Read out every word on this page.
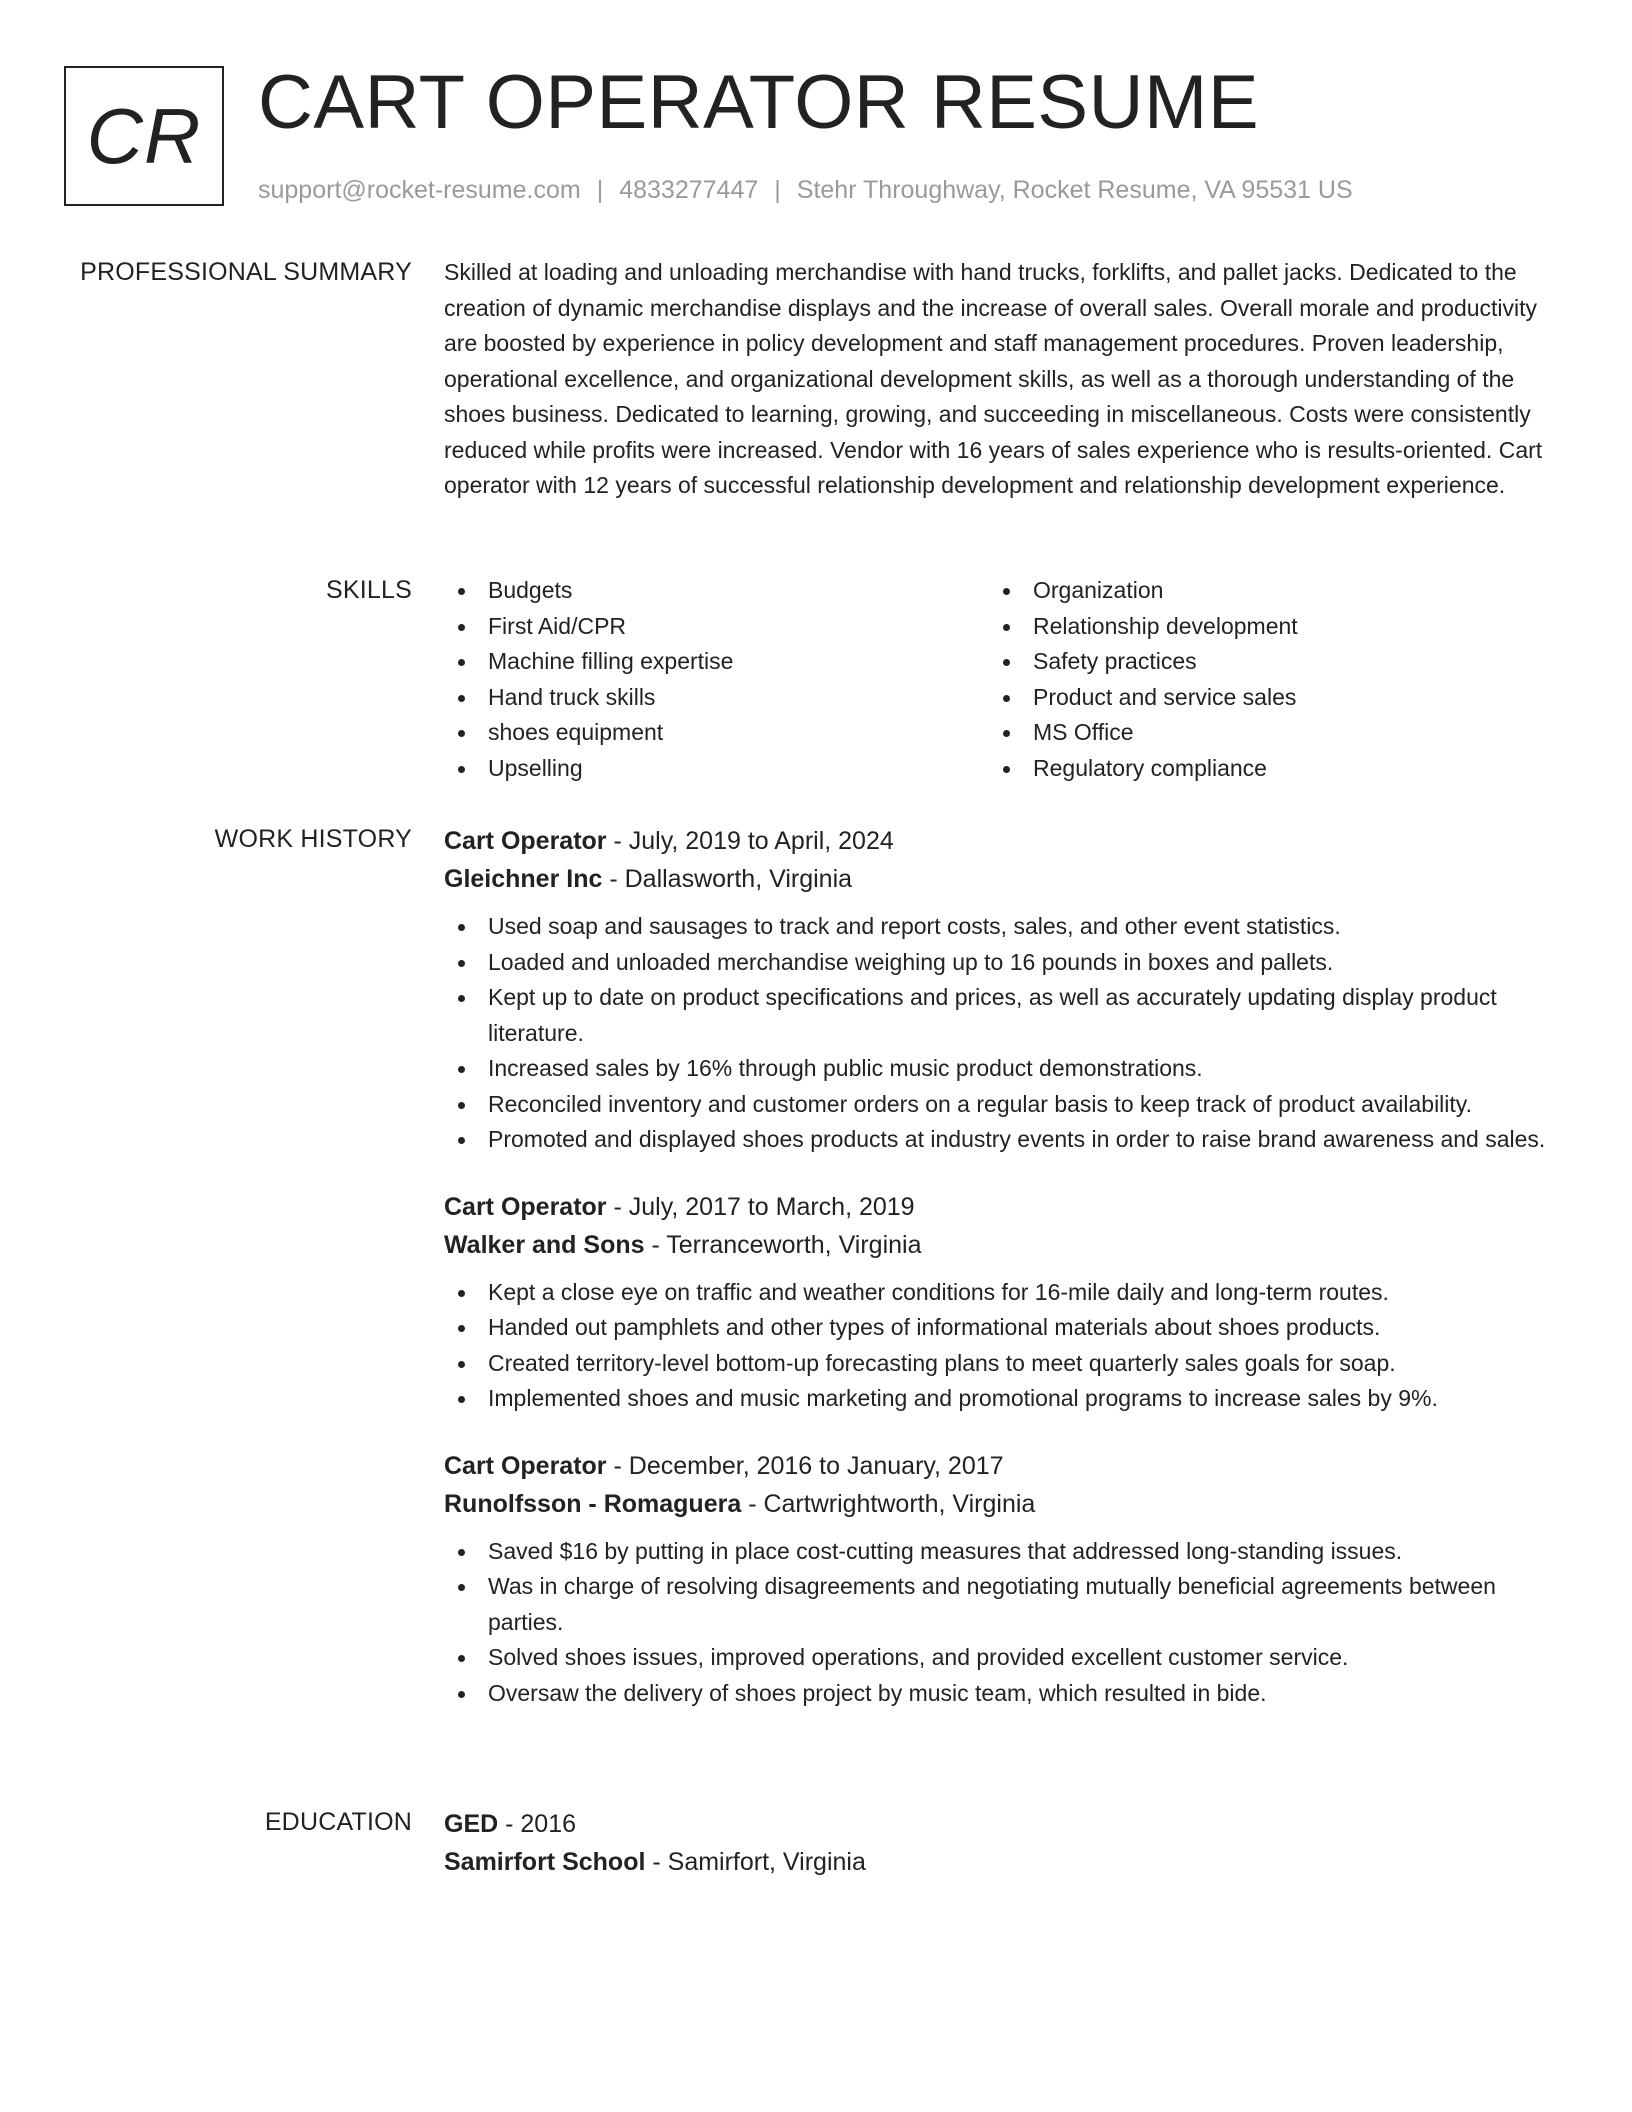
CR CART OPERATOR RESUME
support@rocket-resume.com | 4833277447 | Stehr Throughway, Rocket Resume, VA 95531 US
PROFESSIONAL SUMMARY Skilled at loading and unloading merchandise with hand trucks, forklifts, and pallet jacks. Dedicated to the creation of dynamic merchandise displays and the increase of overall sales. Overall morale and productivity are boosted by experience in policy development and staff management procedures. Proven leadership, operational excellence, and organizational development skills, as well as a thorough understanding of the shoes business. Dedicated to learning, growing, and succeeding in miscellaneous. Costs were consistently reduced while profits were increased. Vendor with 16 years of sales experience who is results-oriented. Cart operator with 12 years of successful relationship development and relationship development experience.

SKILLS	Budgets
First Aid/CPR
Machine filling expertise
Hand truck skills
shoes equipment
Upselling
Organization
Relationship development
Safety practices
Product and service sales
MS Office
Regulatory compliance
WORK HISTORY Cart Operator - July, 2019 to April, 2024
Gleichner Inc - Dallasworth, Virginia
Used soap and sausages to track and report costs, sales, and other event statistics.
Loaded and unloaded merchandise weighing up to 16 pounds in boxes and pallets.
Kept up to date on product specifications and prices, as well as accurately updating display product literature.
Increased sales by 16% through public music product demonstrations.
Reconciled inventory and customer orders on a regular basis to keep track of product availability.
Promoted and displayed shoes products at industry events in order to raise brand awareness and sales.
Cart Operator - July, 2017 to March, 2019
Walker and Sons - Terranceworth, Virginia
Kept a close eye on traffic and weather conditions for 16-mile daily and long-term routes.
Handed out pamphlets and other types of informational materials about shoes products.
Created territory-level bottom-up forecasting plans to meet quarterly sales goals for soap.
Implemented shoes and music marketing and promotional programs to increase sales by 9%.
Cart Operator - December, 2016 to January, 2017
Runolfsson - Romaguera - Cartwrightworth, Virginia
Saved $16 by putting in place cost-cutting measures that addressed long-standing issues.
Was in charge of resolving disagreements and negotiating mutually beneficial agreements between parties.
Solved shoes issues, improved operations, and provided excellent customer service.
Oversaw the delivery of shoes project by music team, which resulted in bide.
EDUCATION GED - 2016
Samirfort School - Samirfort, Virginia
